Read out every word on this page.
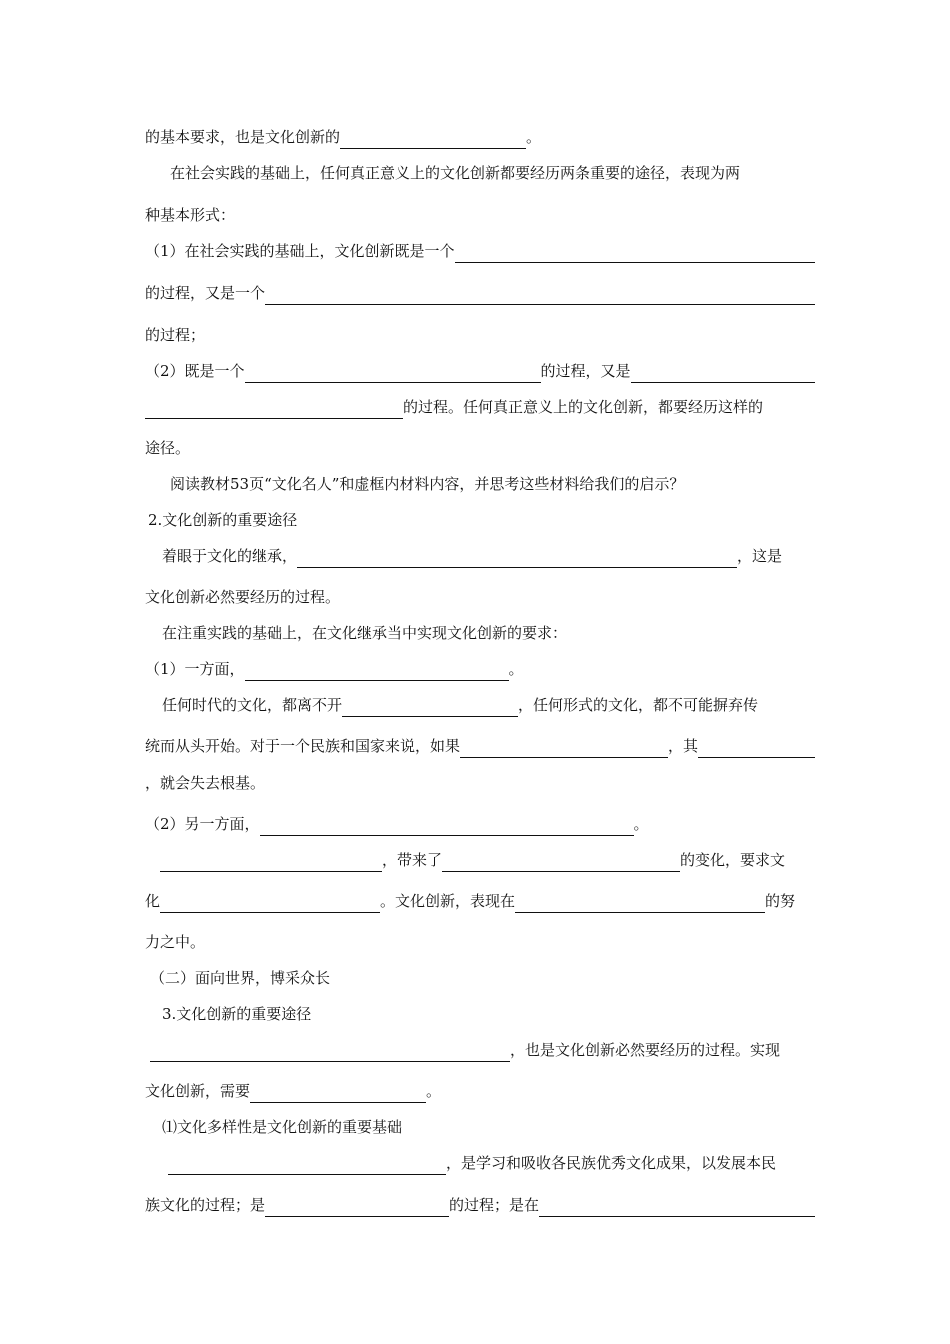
的基本要求，也是文化创新的	。
在社会实践的基础上，任何真正意义上的文化创新都要经历两条重要的途径，表现为两
种基本形式：
（1）在社会实践的基础上，文化创新既是一个
的过程，又是一个
的过程；
（2）既是一个	的过程，又是
的过程。任何真正意义上的文化创新，都要经历这样的
途径。
阅读教材53页“文化名人”和虚框内材料内容，并思考这些材料给我们的启示？
2.文化创新的重要途径
着眼于文化的继承，	，这是
文化创新必然要经历的过程。
在注重实践的基础上，在文化继承当中实现文化创新的要求：
（1）一方面，	。
任何时代的文化，都离不开	，任何形式的文化，都不可能摒弃传
统而从头开始。对于一个民族和国家来说，如果	，其
，就会失去根基。
（2）另一方面，	。
，带来了	的变化，要求文
化	。文化创新，表现在	的努
力之中。
（二）面向世界，博采众长
3.文化创新的重要途径
，也是文化创新必然要经历的过程。实现
文化创新，需要	。
⑴文化多样性是文化创新的重要基础
，是学习和吸收各民族优秀文化成果，以发展本民
族文化的过程；是	的过程；是在
